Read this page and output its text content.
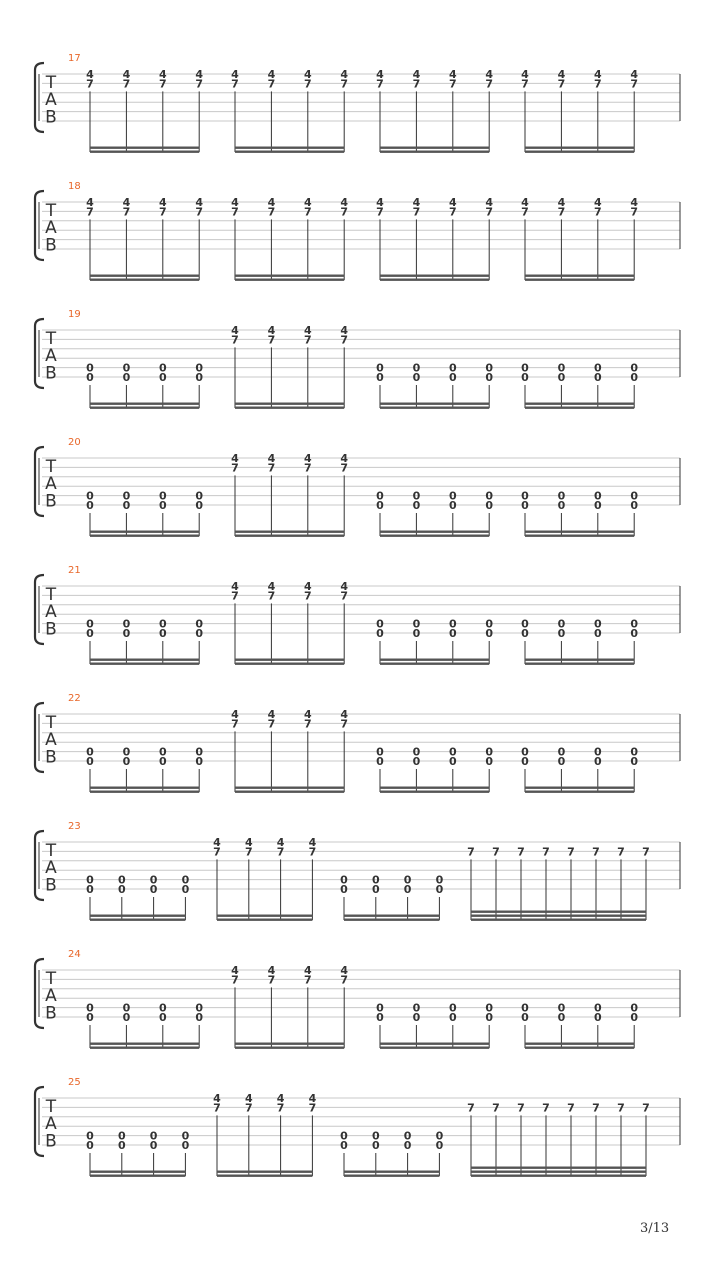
17
T
A
B
4
7
4
7
4
7
4
7
4
7
4
7
4
7
4
7
4
7
4
7
4
7
4
7
4
7
4
7
4
7
4
7
18
T
A
B
4
7
4
7
4
7
4
7
4
7
4
7
4
7
4
7
4
7
4
7
4
7
4
7
4
7
4
7
4
7
4
7
19
T
A
B	0
0
0
0
0
0
0
0
4
7
4
7
4
7
4
7
0
0
0
0
0
0
0
0
0
0
0
0
0
0
0
0
20
T
A
B	0
0
0
0
0
0
0
0
4
7
4
7
4
7
4
7
0
0
0
0
0
0
0
0
0
0
0
0
0
0
0
0
21
T
A
B	0
0
0
0
0
0
0
0
4
7
4
7
4
7
4
7
0
0
0
0
0
0
0
0
0
0
0
0
0
0
0
0
22
T
A
B	0
0
0
0
0
0
0
0
4
7
4
7
4
7
4
7
0
0
0
0
0
0
0
0
0
0
0
0
0
0
0
0
23
T
A
B	0
0
0
0
0
0
0
0
4
7
4
7
4
7
4
7
0
0
0
0
0
0
0
0
7 7 7 7 7 7 7 7
24
T
A
B	0
0
0
0
0
0
0
0
4
7
4
7
4
7
4
7
0
0
0
0
0
0
0
0
0
0
0
0
0
0
0
0
25
T
A
B	0
0
0
0
0
0
0
0
4
7
4
7
4
7
4
7
0
0
0
0
0
0
0
0
7 7 7 7 7 7 7 7
3/13
